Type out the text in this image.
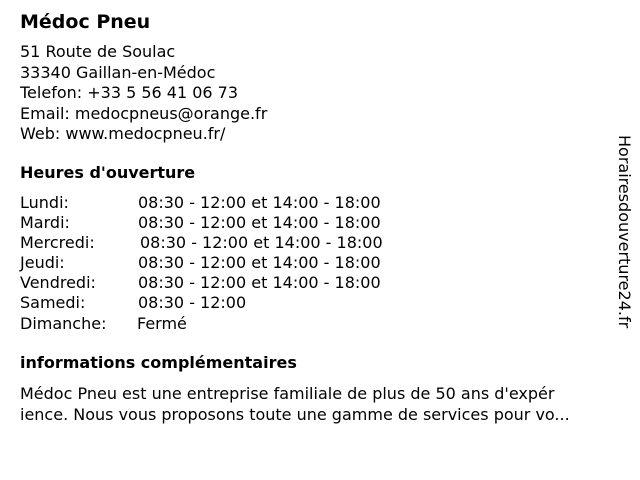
Médoc Pneu
51 Route de Soulac
33340 Gaillan-en-Médoc
Telefon: +33 5 56 41 06 73
Email: medocpneus@orange.fr
Web: www.medocpneu.fr/
Heures d'ouverture
Lundi:	08:30 - 12:00 et 14:00 - 18:00
Mardi:	08:30 - 12:00 et 14:00 - 18:00
Mercredi:	08:30 - 12:00 et 14:00 - 18:00
Jeudi:	08:30 - 12:00 et 14:00 - 18:00
Vendredi:	08:30 - 12:00 et 14:00 - 18:00
Samedi:	08:30 - 12:00
Dimanche: Fermé
informations complémentaires
Médoc Pneu est une entreprise familiale de plus de 50 ans d'expér
ience. Nous vous proposons toute une gamme de services pour vo...
Horairesdouverture24.fr
